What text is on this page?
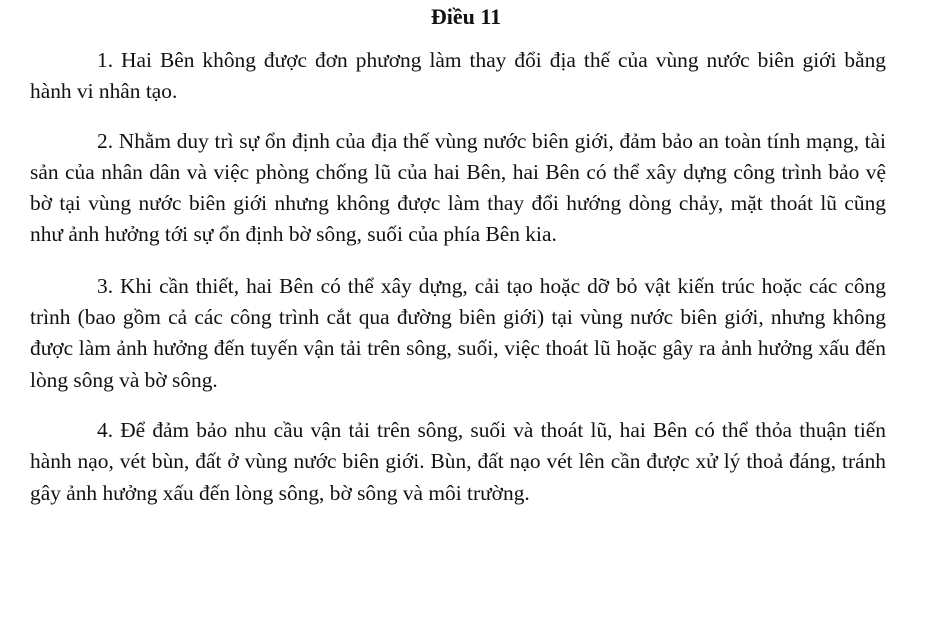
Điều 11

1. Hai Bên không được đơn phương làm thay đổi địa thế của vùng nước biên giới bằng hành vi nhân tạo.

2. Nhằm duy trì sự ổn định của địa thế vùng nước biên giới, đảm bảo an toàn tính mạng, tài sản của nhân dân và việc phòng chống lũ của hai Bên, hai Bên có thể xây dựng công trình bảo vệ bờ tại vùng nước biên giới nhưng không được làm thay đổi hướng dòng chảy, mặt thoát lũ cũng như ảnh hưởng tới sự ổn định bờ sông, suối của phía Bên kia.

3. Khi cần thiết, hai Bên có thể xây dựng, cải tạo hoặc dỡ bỏ vật kiến trúc hoặc các công trình (bao gồm cả các công trình cắt qua đường biên giới) tại vùng nước biên giới, nhưng không được làm ảnh hưởng đến tuyến vận tải trên sông, suối, việc thoát lũ hoặc gây ra ảnh hưởng xấu đến lòng sông và bờ sông.

4. Để đảm bảo nhu cầu vận tải trên sông, suối và thoát lũ, hai Bên có thể thỏa thuận tiến hành nạo, vét bùn, đất ở vùng nước biên giới. Bùn, đất nạo vét lên cần được xử lý thoả đáng, tránh gây ảnh hưởng xấu đến lòng sông, bờ sông và môi trường.
